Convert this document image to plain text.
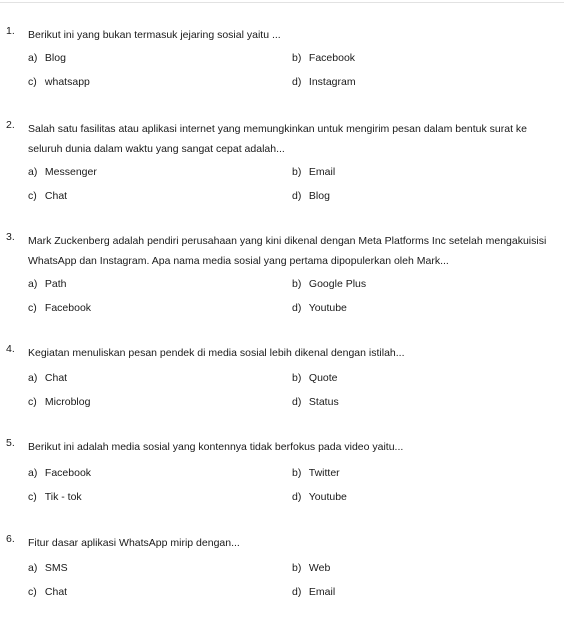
1. Berikut ini yang bukan termasuk jejaring sosial yaitu ...
a) Blog	b) Facebook
c) whatsapp	d) Instagram
2. Salah satu fasilitas atau aplikasi internet yang memungkinkan untuk mengirim pesan dalam bentuk surat ke
seluruh dunia dalam waktu yang sangat cepat adalah...
a) Messenger	b) Email
c) Chat	d) Blog
3. Mark Zuckenberg adalah pendiri perusahaan yang kini dikenal dengan Meta Platforms Inc setelah mengakuisisi
WhatsApp dan Instagram. Apa nama media sosial yang pertama dipopulerkan oleh Mark...
a) Path	b) Google Plus
c) Facebook	d) Youtube
4. Kegiatan menuliskan pesan pendek di media sosial lebih dikenal dengan istilah...
a) Chat	b) Quote
c) Microblog	d) Status
5. Berikut ini adalah media sosial yang kontennya tidak berfokus pada video yaitu...
a) Facebook	b) Twitter
c) Tik - tok	d) Youtube
6. Fitur dasar aplikasi WhatsApp mirip dengan...
a) SMS	b) Web
c) Chat	d) Email
